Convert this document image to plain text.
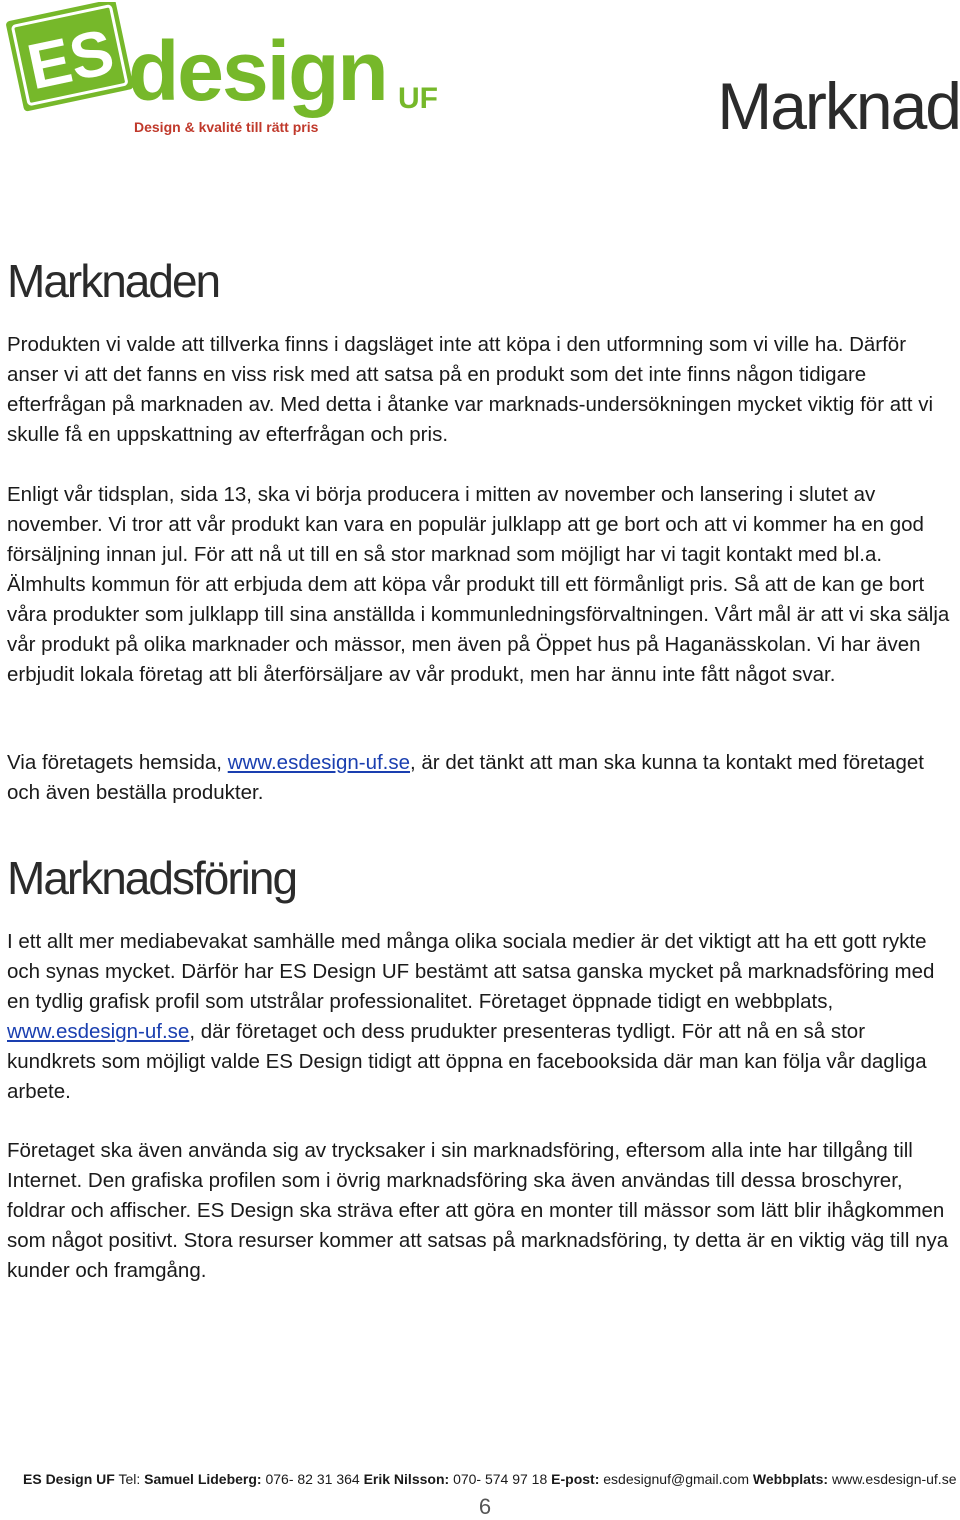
ES design UF
Design & kvalité till rätt pris	Marknad
Marknaden
Produkten vi valde att tillverka finns i dagsläget inte att köpa i den utformning som vi ville ha. Därför anser vi att det fanns en viss risk med att satsa på en produkt som det inte finns någon tidigare efterfrågan på marknaden av. Med detta i åtanke var marknads-undersökningen mycket viktig för att vi skulle få en uppskattning av efterfrågan och pris.
Enligt vår tidsplan, sida 13, ska vi börja producera i mitten av november och lansering i slutet av november. Vi tror att vår produkt kan vara en populär julklapp att ge bort och att vi kommer ha en god försäljning innan jul. För att nå ut till en så stor marknad som möjligt har vi tagit kontakt med bl.a. Älmhults kommun för att erbjuda dem att köpa vår produkt till ett förmånligt pris. Så att de kan ge bort våra produkter som julklapp till sina anställda i kommunledningsförvaltningen. Vårt mål är att vi ska sälja vår produkt på olika marknader och mässor, men även på Öppet hus på Haganässkolan. Vi har även erbjudit lokala företag att bli återförsäljare av vår produkt, men har ännu inte fått något svar.
Via företagets hemsida, www.esdesign-uf.se, är det tänkt att man ska kunna ta kontakt med företaget och även beställa produkter.
Marknadsföring
I ett allt mer mediabevakat samhälle med många olika sociala medier är det viktigt att ha ett gott rykte och synas mycket. Därför har ES Design UF bestämt att satsa ganska mycket på marknadsföring med en tydlig grafisk profil som utstrålar professionalitet. Företaget öppnade tidigt en webbplats, www.esdesign-uf.se, där företaget och dess prudukter presenteras tydligt. För att nå en så stor kundkrets som möjligt valde ES Design tidigt att öppna en facebooksida där man kan följa vår dagliga arbete.
Företaget ska även använda sig av trycksaker i sin marknadsföring, eftersom alla inte har tillgång till Internet. Den grafiska profilen som i övrig marknadsföring ska även användas till dessa broschyrer, foldrar och affischer. ES Design ska sträva efter att göra en monter till mässor som lätt blir ihågkommen som något positivt. Stora resurser kommer att satsas på marknadsföring, ty detta är en viktig väg till nya kunder och framgång.
ES Design UF Tel: Samuel Lideberg: 076- 82 31 364 Erik Nilsson: 070- 574 97 18 E-post: esdesignuf@gmail.com Webbplats: www.esdesign-uf.se
6
